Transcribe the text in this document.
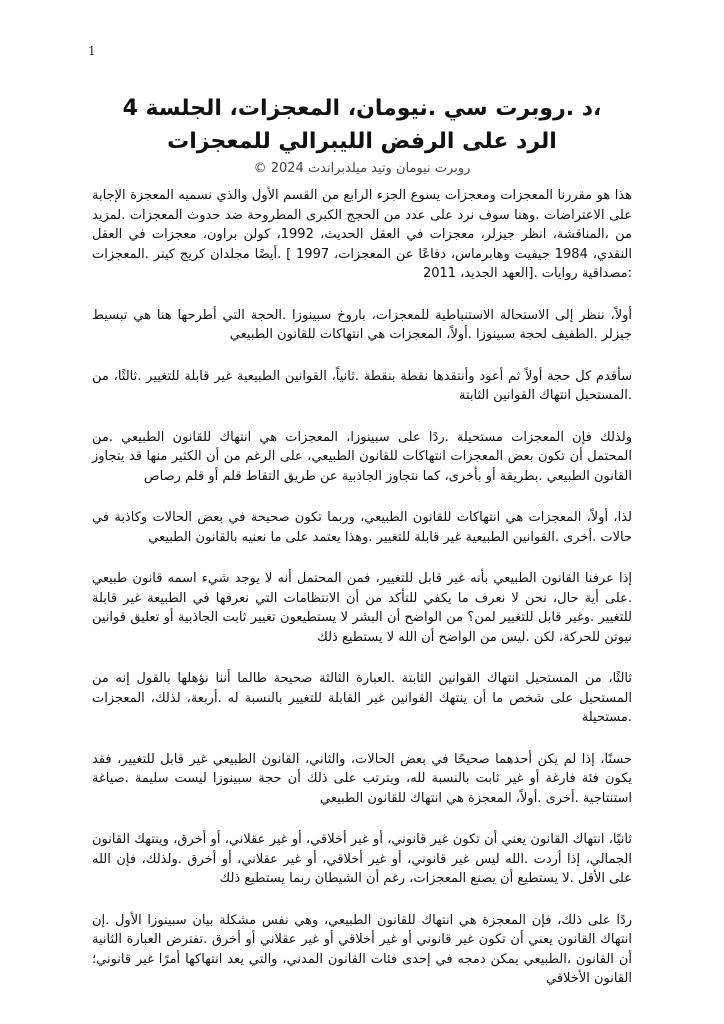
1
،د .روبرت سي .نيومان، المعجزات، الجلسة 4
الرد على الرفض الليبرالي للمعجزات
روبرت نيومان وتيد ميلدبراندت 2024 ©

هذا هو مقررنا المعجزات ومعجزات يسوع الجزء الرابع من القسم الأول والذي نسميه المعجزة الإجابة على الاعتراضات .وهنا سوف نرد على عدد من الحجج الكبرى المطروحة ضد حدوث المعجزات .لمزيد من ،المناقشة، انظر جيزلر، معجزات في العقل الحديث، 1992، كولن براون، معجزات في العقل النقدي، 1984 جيفيت وهابرماس، دفاعًا عن المعجزات، 1997 ] .أيضًا مجلدان كريج كينر .المعجزات :مصداقية روايات .[العهد الجديد، 2011

أولاً، ننظر إلى الاستحالة الاستنباطية للمعجزات، باروخ سبينوزا .الحجة التي أطرحها هنا هي تبسيط جيزلر .الطفيف لحجة سبينوزا .أولاً، المعجزات هي انتهاكات للقانون الطبيعي

سأقدم كل حجة أولاً ثم أعود وأنتقدها نقطة بنقطة .ثانياً، القوانين الطبيعية غير قابلة للتغيير .ثالثًا، من .المستحيل انتهاك القوانين الثابتة

ولذلك فإن المعجزات مستحيلة .ردًا على سبينوزا، المعجزات هي انتهاك للقانون الطبيعي .من المحتمل أن تكون بعض المعجزات انتهاكات للقانون الطبيعي، على الرغم من أن الكثير منها قد يتجاوز القانون الطبيعي .بطريقة أو بأخرى، كما نتجاوز الجاذبية عن طريق التقاط قلم أو قلم رصاص

لذا، أولاً، المعجزات هي انتهاكات للقانون الطبيعي، وربما تكون صحيحة في بعض الحالات وكاذبة في حالات .أخرى .القوانين الطبيعية غير قابلة للتغيير .وهذا يعتمد على ما نعنيه بالقانون الطبيعي

إذا عرفنا القانون الطبيعي بأنه غير قابل للتغيير، فمن المحتمل أنه لا يوجد شيء اسمه قانون طبيعي .على أية حال، نحن لا نعرف ما يكفي للتأكد من أن الانتظامات التي نعرفها في الطبيعة غير قابلة للتغيير .وغير قابل للتغيير لمن؟ من الواضح أن البشر لا يستطيعون تغيير ثابت الجاذبية أو تعليق قوانين نيوتن للحركة، لكن .ليس من الواضح أن الله لا يستطيع ذلك

ثالثًا، من المستحيل انتهاك القوانين الثابتة .العبارة الثالثة صحيحة طالما أننا نؤهلها بالقول إنه من المستحيل على شخص ما أن ينتهك القوانين غير القابلة للتغيير بالنسبة له .أربعة، لذلك، المعجزات .مستحيلة

حسنًا، إذا لم يكن أحدهما صحيحًا في بعض الحالات، والثاني، القانون الطبيعي غير قابل للتغيير، فقد يكون فئة فارغة أو غير ثابت بالنسبة لله، ويترتب على ذلك أن حجة سبينوزا ليست سليمة .صياغة استنتاجية .أخرى .أولاً، المعجزة هي انتهاك للقانون الطبيعي

ثانيًا، انتهاك القانون يعني أن تكون غير قانوني، أو غير أخلاقي، أو غير عقلاني، أو أخرق، وينتهك القانون الجمالي، إذا أردت .الله ليس غير قانوني، أو غير أخلاقي، أو غير عقلاني، أو أخرق .ولذلك، فإن الله على الأقل .لا يستطيع أن يصنع المعجزات، رغم أن الشيطان ربما يستطيع ذلك

ردًا على ذلك، فإن المعجزة هي انتهاك للقانون الطبيعي، وهي نفس مشكلة بيان سبينوزا الأول .إن انتهاك القانون يعني أن تكون غير قانوني أو غير أخلاقي أو غير عقلاني أو أخرق .تفترض العبارة الثانية أن القانون ،الطبيعي يمكن دمجه في إحدى فئات القانون المدني، والتي يعد انتهاكها أمرًا غير قانوني؛ القانون الأخلاقي
